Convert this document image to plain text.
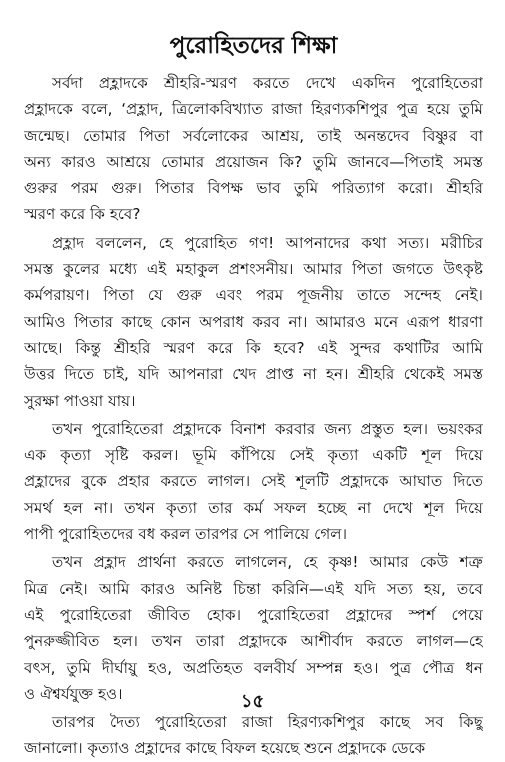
পুরোহিতদের শিক্ষা

সর্বদা প্রহ্লাদকে শ্রীহরি-স্মরণ করতে দেখে একদিন পুরোহিতেরা
প্রহ্লাদকে বলে, ‘প্রহ্লাদ, ত্রিলোকবিখ্যাত রাজা হিরণ্যকশিপুর পুত্র হয়ে তুমি
জন্মেছ। তোমার পিতা সর্বলোকের আশ্রয়, তাই অনন্তদেব বিষ্ণুর বা
অন্য কারও আশ্রয়ে তোমার প্রয়োজন কি? তুমি জানবে—পিতাই সমস্ত
গুরুর পরম গুরু। পিতার বিপক্ষ ভাব তুমি পরিত্যাগ করো। শ্রীহরি
স্মরণ করে কি হবে?

প্রহ্লাদ বললেন, হে পুরোহিত গণ! আপনাদের কথা সত্য। মরীচির
সমস্ত কুলের মধ্যে এই মহাকুল প্রশংসনীয়। আমার পিতা জগতে উৎকৃষ্ট
কর্মপরায়ণ। পিতা যে গুরু এবং পরম পূজনীয় তাতে সন্দেহ নেই।
আমিও পিতার কাছে কোন অপরাধ করব না। আমারও মনে এরূপ ধারণা
আছে। কিন্তু শ্রীহরি স্মরণ করে কি হবে? এই সুন্দর কথাটির আমি
উত্তর দিতে চাই, যদি আপনারা খেদ প্রাপ্ত না হন। শ্রীহরি থেকেই সমস্ত
সুরক্ষা পাওয়া যায়।

তখন পুরোহিতেরা প্রহ্লাদকে বিনাশ করবার জন্য প্রস্তুত হল। ভয়ংকর
এক কৃত্যা সৃষ্টি করল। ভূমি কাঁপিয়ে সেই কৃত্যা একটি শূল দিয়ে
প্রহ্লাদের বুকে প্রহার করতে লাগল। সেই শূলটি প্রহ্লাদকে আঘাত দিতে
সমর্থ হল না। তখন কৃত্যা তার কর্ম সফল হচ্ছে না দেখে শূল দিয়ে
পাপী পুরোহিতদের বধ করল তারপর সে পালিয়ে গেল।

তখন প্রহ্লাদ প্রার্থনা করতে লাগলেন, হে কৃষ্ণ! আমার কেউ শত্রু
মিত্র নেই। আমি কারও অনিষ্ট চিন্তা করিনি—এই যদি সত্য হয়, তবে
এই পুরোহিতেরা জীবিত হোক। পুরোহিতেরা প্রহ্লাদের স্পর্শ পেয়ে
পুনরুজ্জীবিত হল। তখন তারা প্রহ্লাদকে আশীর্বাদ করতে লাগল—হে
বৎস, তুমি দীর্ঘায়ু হও, অপ্রতিহত বলবীর্য সম্পন্ন হও। পুত্র পৌত্র ধন
ও ঐশ্বর্যযুক্ত হও।

তারপর দৈত্য পুরোহিতেরা রাজা হিরণ্যকশিপুর কাছে সব কিছু
জানালো। কৃত্যাও প্রহ্লাদের কাছে বিফল হয়েছে শুনে প্রহ্লাদকে ডেকে

১৫
